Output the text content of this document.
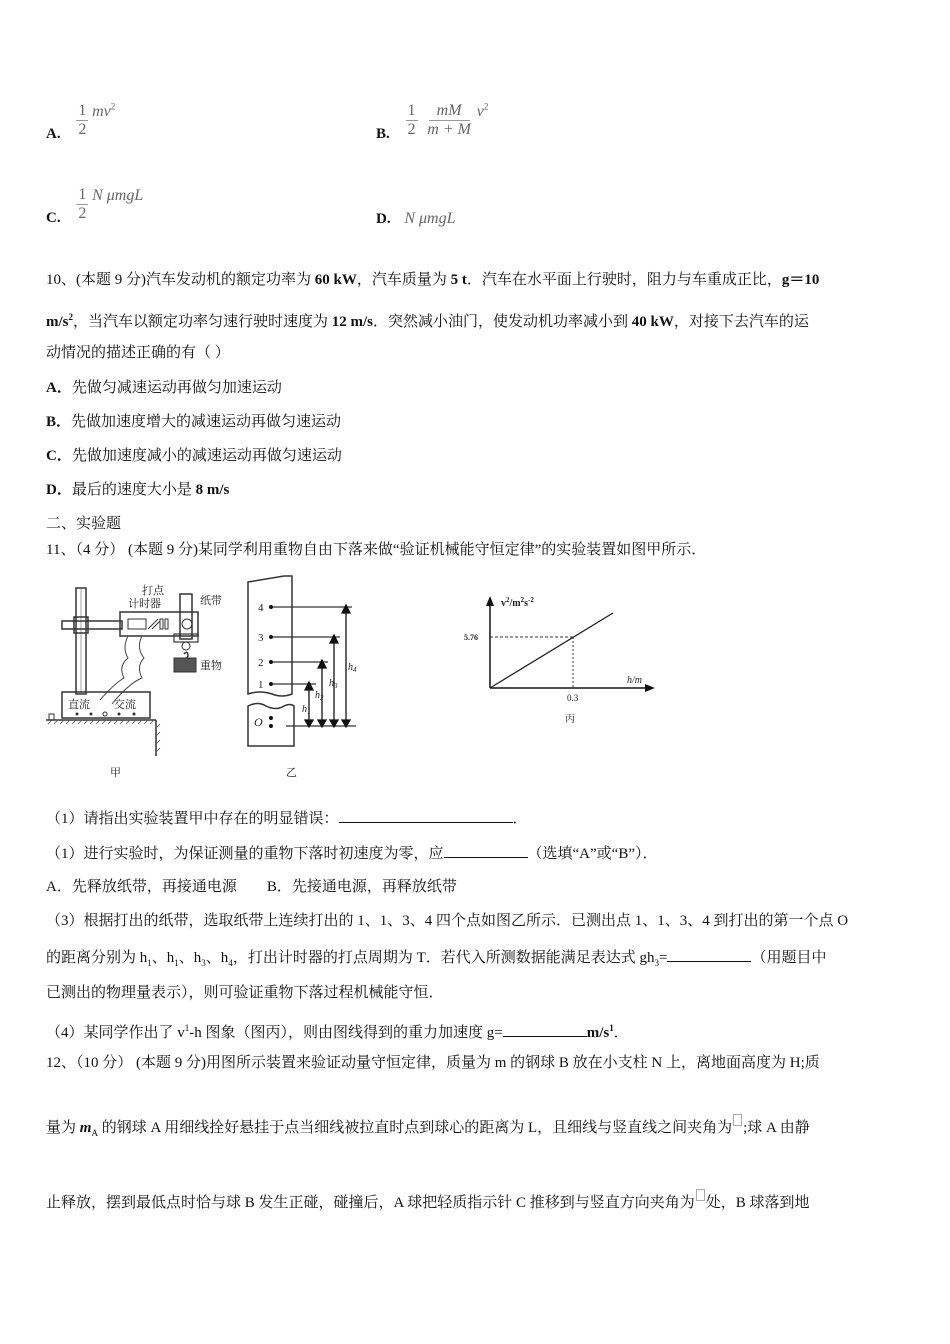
A. $\frac{1}{2} mv^2$
B. $\frac{1}{2}$
$\frac{mM}{m + M} v^2$
C. $\frac{1}{2}$ N μmgL
D. N μmgL
10、(本题 9 分)汽车发动机的额定功率为 60 kW，汽车质量为 5 t．汽车在水平面上行驶时，阻力与车重成正比，g＝10
$m/s^2$，当汽车以额定功率匀速行驶时速度为 12 m/s．突然减小油门，使发动机功率减小到 40 kW，对接下去汽车的运
动情况的描述正确的有（ ）
A．先做匀减速运动再做匀加速运动
B．先做加速度增大的减速运动再做匀速运动
C．先做加速度减小的减速运动再做匀速运动
D．最后的速度大小是 8 m/s
二、实验题
11、（4 分） (本题 9 分)某同学利用重物自由下落来做“验证机械能守恒定律”的实验装置如图甲所示．
打点
计时器	纸带
重物
直流 交流
甲
4
3
2
1
O
$h_1$
$h_2$
$h_3$
$h_4$
乙
$v^2/m^2s^{-2}$
5.76
0.3
h/m
丙
（1）请指出实验装置甲中存在的明显错误：	．
（1）进行实验时，为保证测量的重物下落时初速度为零，应	（选填“A”或“B”）．
A．先释放纸带，再接通电源 B．先接通电源，再释放纸带
（3）根据打出的纸带，选取纸带上连续打出的 1、1、3、4 四个点如图乙所示．已测出点 1、1、3、4 到打出的第一个点 O
的距离分别为 $h_1$、$h_1$、$h_3$、$h_4$，打出计时器的打点周期为 T．若代入所测数据能满足表达式 $gh_3=$	（用题目中
已测出的物理量表示），则可验证重物下落过程机械能守恒．
（4）某同学作出了 $v^1-h$ 图象（图丙），则由图线得到的重力加速度 g=	$m/s^1$．
12、（10 分） (本题 9 分)用图所示装置来验证动量守恒定律，质量为 m 的钢球 B 放在小支柱 N 上，离地面高度为 H;质
量为 $m_A$ 的钢球 A 用细线拴好悬挂于点当细线被拉直时点到球心的距离为 L，且细线与竖直线之间夹角为 ;球 A 由静
止释放，摆到最低点时恰与球 B 发生正碰，碰撞后，A 球把轻质指示针 C 推移到与竖直方向夹角为 处，B 球落到地
